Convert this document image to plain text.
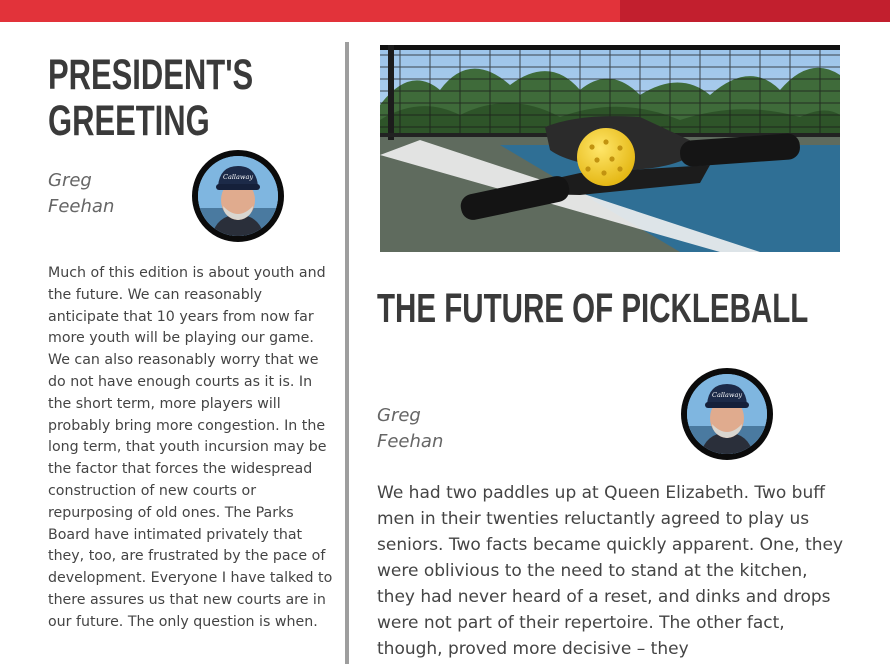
PRESIDENT'S
GREETING
Greg
Feehan
Callaway

Much of this edition is about youth and the future. We can reasonably anticipate that 10 years from now far more youth will be playing our game. We can also reasonably worry that we do not have enough courts as it is. In the short term, more players will probably bring more congestion. In the long term, that youth incursion may be the factor that forces the widespread construction of new courts or repurposing of old ones. The Parks Board have intimated privately that they, too, are frustrated by the pace of development. Everyone I have talked to there assures us that new courts are in our future. The only question is when.

THE FUTURE OF PICKLEBALL
Greg
Feehan
Callaway

We had two paddles up at Queen Elizabeth. Two buff men in their twenties reluctantly agreed to play us seniors. Two facts became quickly apparent. One, they were oblivious to the need to stand at the kitchen, they had never heard of a reset, and dinks and drops were not part of their repertoire. The other fact, though, proved more decisive – they
